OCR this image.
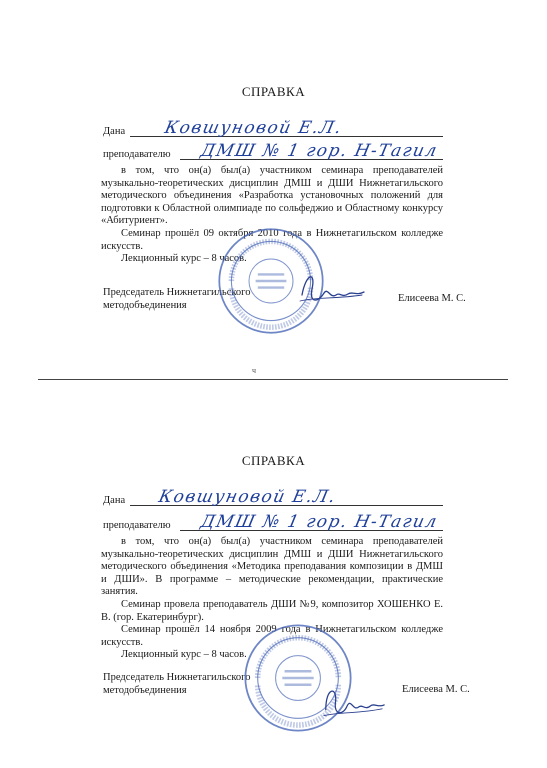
СПРАВКА
Дана Ковшуновой Е.Л.
преподавателю ДМШ № 1 гор. Н-Тагил

в том, что он(а) был(а) участником семинара преподавателей музыкально-теоретических дисциплин ДМШ и ДШИ Нижнетагильского методического объединения «Разработка установочных положений для подготовки к Областной олимпиаде по сольфеджио и Областному конкурсу «Абитуриент».

Семинар прошёл 09 октября 2010 года в Нижнетагильском колледже искусств.

Лекционный курс – 8 часов.

Председатель Нижнетагильского
методобъединения
Елисеева М. С.
ч
СПРАВКА
Дана Ковшуновой Е.Л.
преподавателю ДМШ № 1 гор. Н-Тагил

в том, что он(а) был(а) участником семинара преподавателей музыкально-теоретических дисциплин ДМШ и ДШИ Нижнетагильского методического объединения «Методика преподавания композиции в ДМШ и ДШИ». В программе – методические рекомендации, практические занятия.

Семинар провела преподаватель ДШИ №9, композитор ХОШЕНКО Е. В. (гор. Екатеринбург).

Семинар прошёл 14 ноября 2009 года в Нижнетагильском колледже искусств.

Лекционный курс – 8 часов.

Председатель Нижнетагильского
методобъединения	Елисеева М. С.
